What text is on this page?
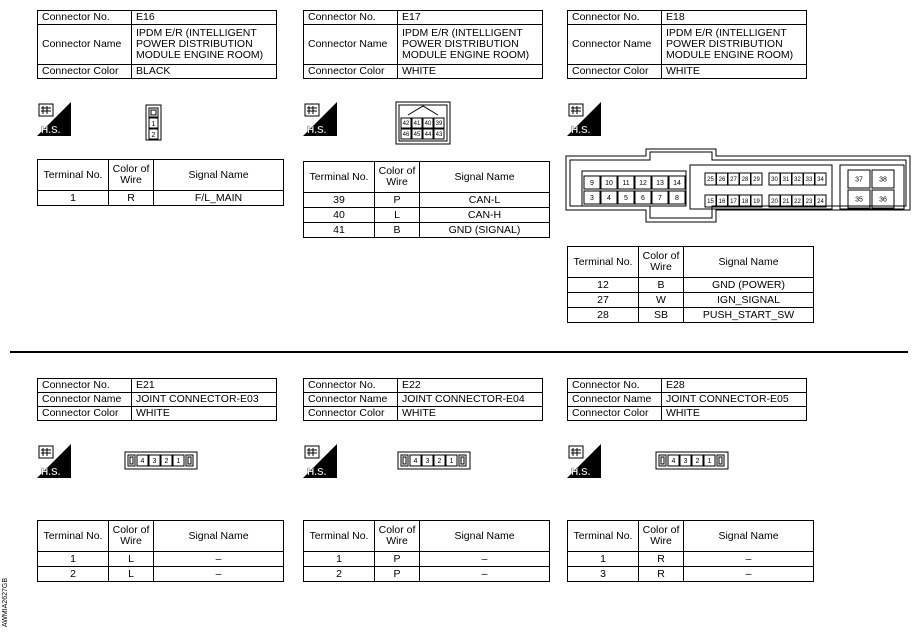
Connector No.	E16
Connector Name	IPDM E/R (INTELLIGENT POWER DISTRIBUTION MODULE ENGINE ROOM)
Connector Color	BLACK
Connector No.	E17
Connector Name	IPDM E/R (INTELLIGENT POWER DISTRIBUTION MODULE ENGINE ROOM)
Connector Color	WHITE
Connector No.	E18
Connector Name	IPDM E/R (INTELLIGENT POWER DISTRIBUTION MODULE ENGINE ROOM)
Connector Color	WHITE
Connector No.	E21
Connector Name	JOINT CONNECTOR-E03
Connector Color	WHITE
Connector No.	E22
Connector Name	JOINT CONNECTOR-E04
Connector Color	WHITE
Connector No.	E28
Connector Name	JOINT CONNECTOR-E05
Connector Color	WHITE
Terminal No.	Color of Wire	Signal Name
1	R	F/L_MAIN
Terminal No.	Color of Wire	Signal Name
39	P	CAN-L
40	L	CAN-H
41	B	GND (SIGNAL)
Terminal No.	Color of Wire	Signal Name
12	B	GND (POWER)
27	W	IGN_SIGNAL
28	SB	PUSH_START_SW
Terminal No.	Color of Wire	Signal Name
1	L	–
2	L	–
Terminal No.	Color of Wire	Signal Name
1	P	–
2	P	–
Terminal No.	Color of Wire	Signal Name
1	R	–
3	R	–
H.S.	H.S.	H.S.
H.S.	H.S.	H.S.
1
2
42 41 40 39
46 45 44 43
9 10 11 12 13 14
3 4 5 6 7 8
25 26 27 28 29 30 31 32 33 34
15 16 17 18 19 20 21 22 23 24
37 38
35 36
4 3 2 1	4 3 2 1	4 3 2 1
AWMIA2627GB
